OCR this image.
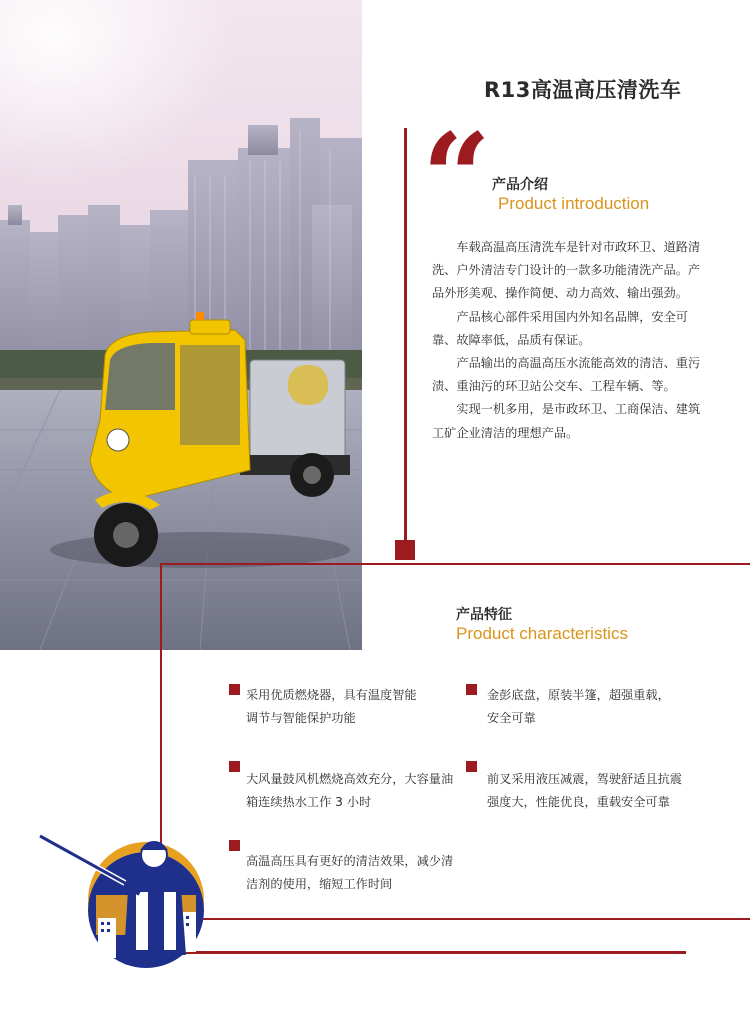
R13高温高压清洗车
“ 产品介绍
Product introduction

车载高温高压清洗车是针对市政环卫、道路清洗、户外清洁专门设计的一款多功能清洗产品。产品外形美观、操作简便、动力高效、输出强劲。

产品核心部件采用国内外知名品牌，安全可靠、故障率低，品质有保证。

产品输出的高温高压水流能高效的清洁、重污渍、重油污的环卫站公交车、工程车辆、等。

实现一机多用，是市政环卫、工商保洁、建筑工矿企业清洁的理想产品。

产品特征
Product characteristics
采用优质燃烧器，具有温度智能调节与智能保护功能
金彭底盘，原装半篷，超强重载，安全可靠
大风量鼓风机燃烧高效充分，大容量油箱连续热水工作 3 小时
前叉采用液压减震，驾驶舒适且抗震强度大，性能优良，重载安全可靠
高温高压具有更好的清洁效果，减少清洁剂的使用，缩短工作时间
